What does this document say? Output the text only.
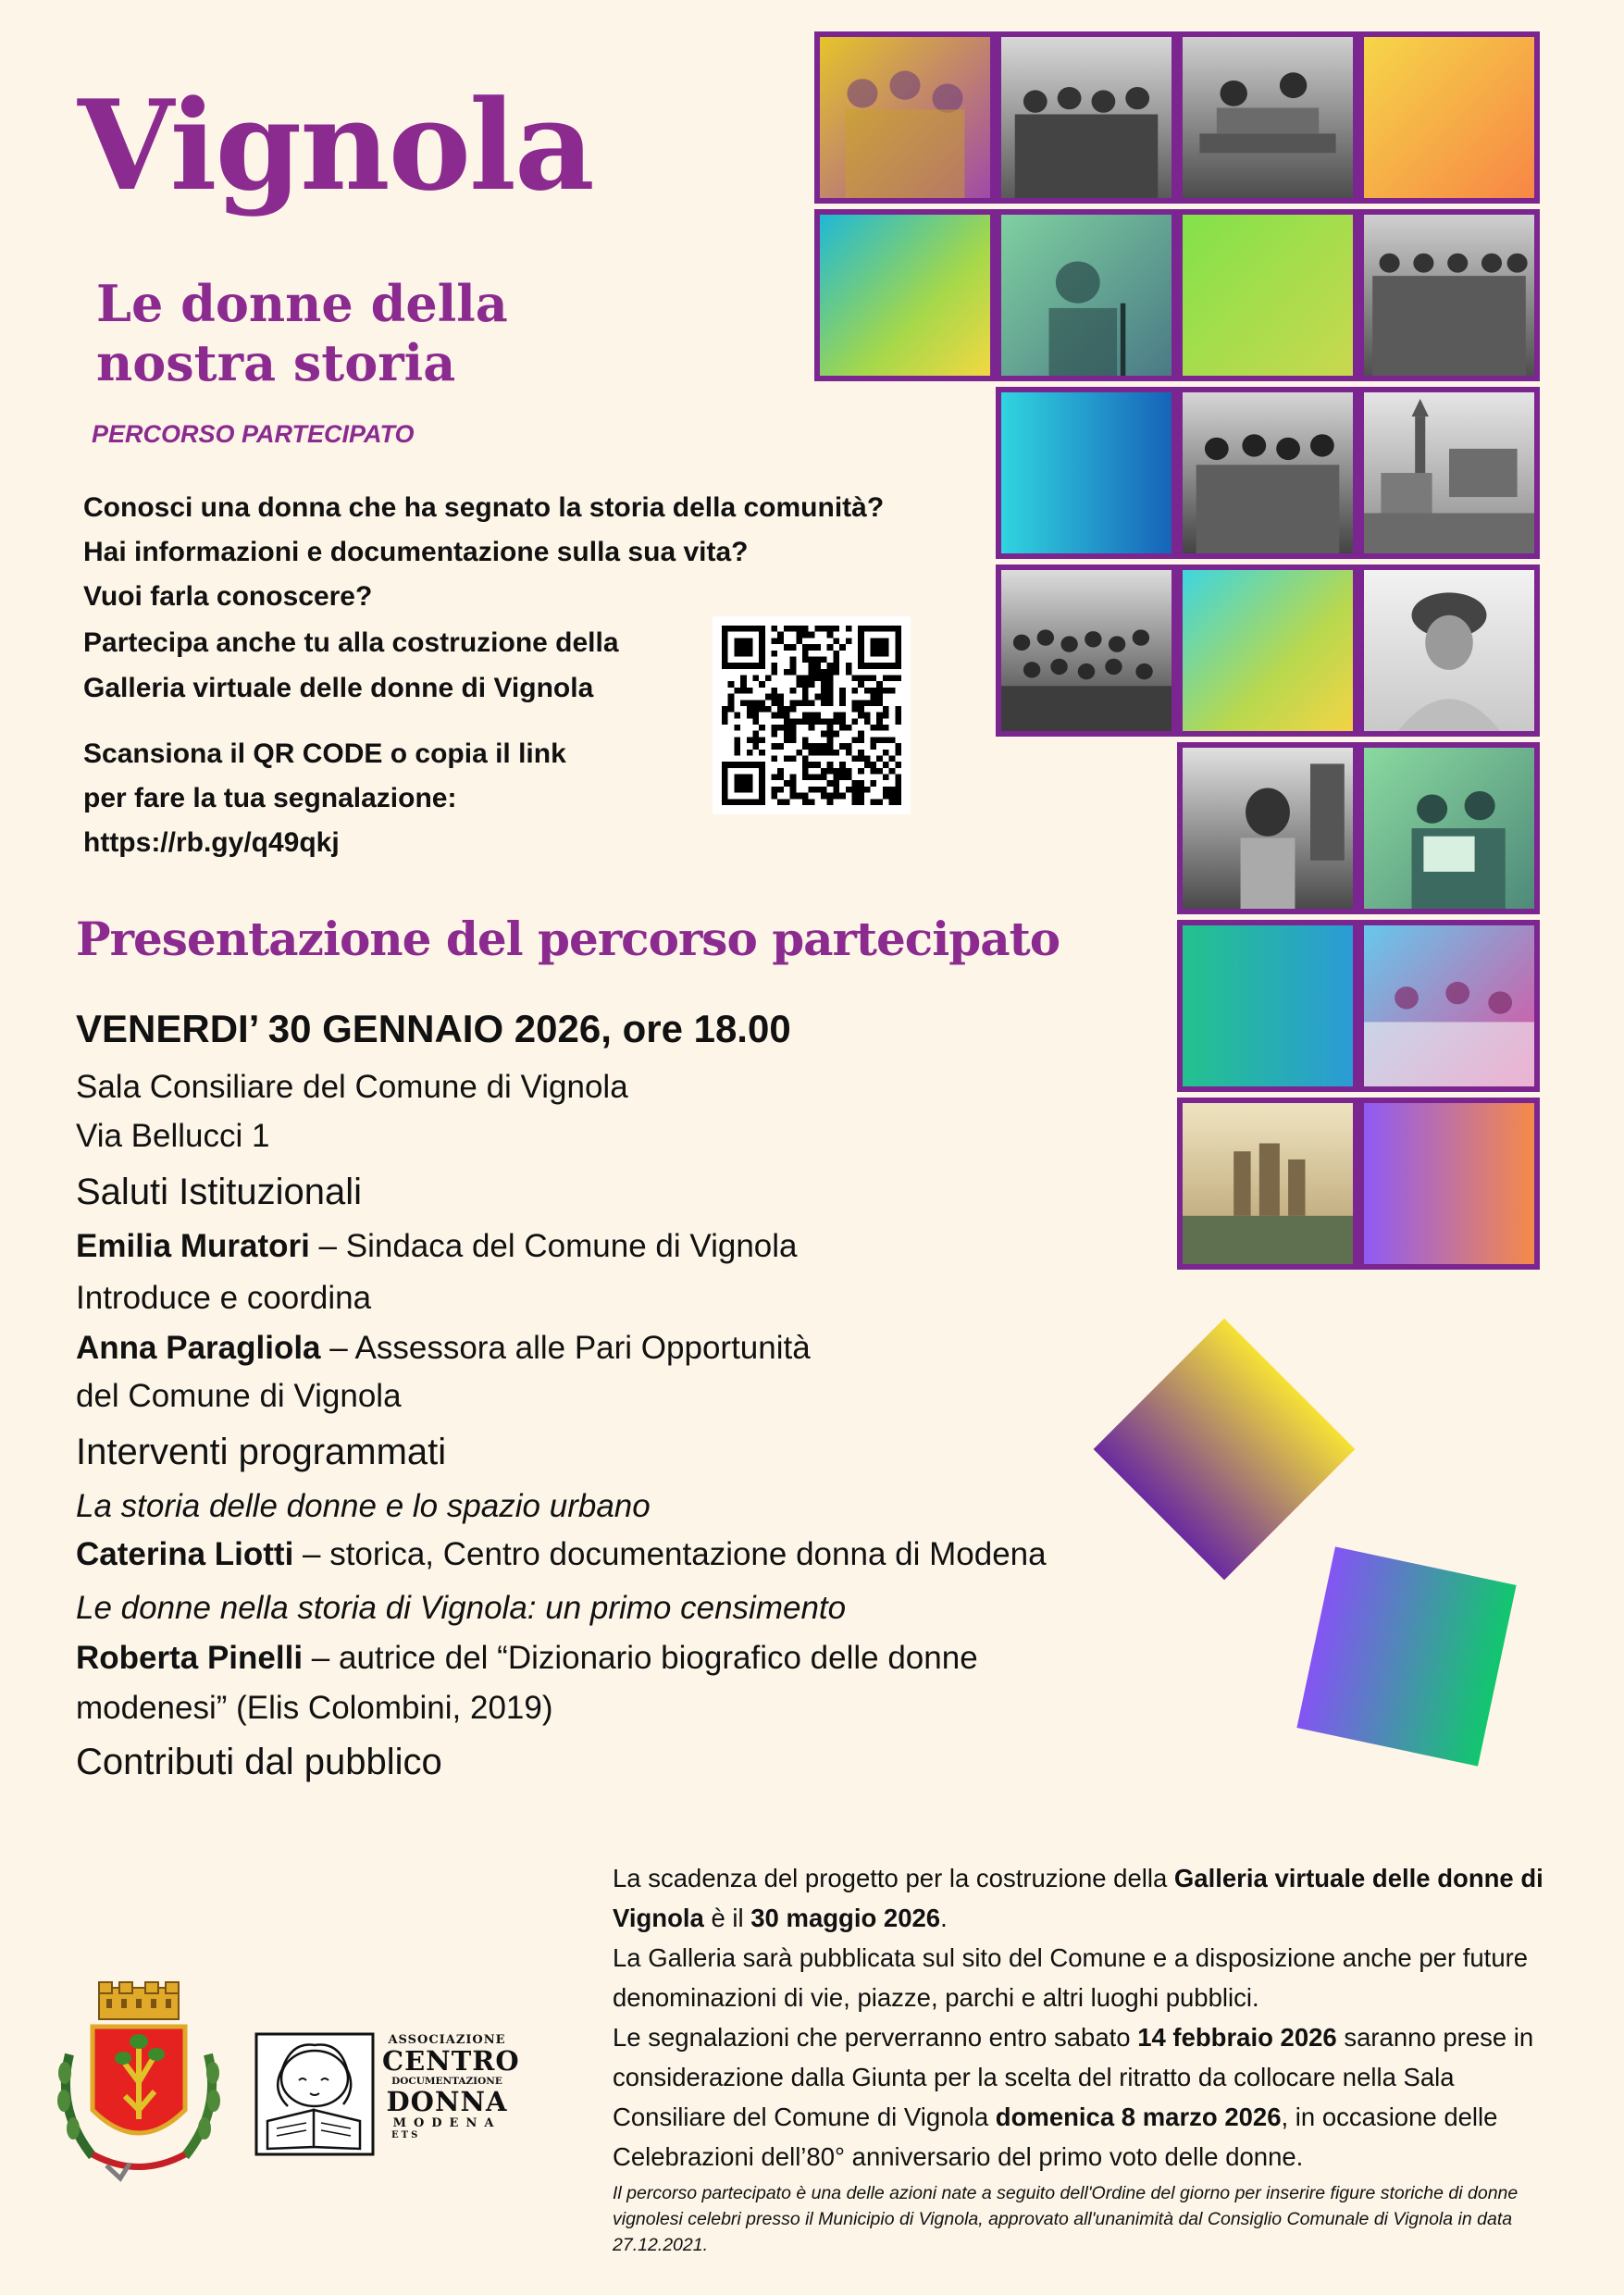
Vignola
Le donne della
nostra storia
PERCORSO PARTECIPATO
Conosci una donna che ha segnato la storia della comunità?
Hai informazioni e documentazione sulla sua vita?
Vuoi farla conoscere?
Partecipa anche tu alla costruzione della
Galleria virtuale delle donne di Vignola
Scansiona il QR CODE o copia il link
per fare la tua segnalazione:
https://rb.gy/q49qkj
Presentazione del percorso partecipato
VENERDI’ 30 GENNAIO 2026, ore 18.00
Sala Consiliare del Comune di Vignola
Via Bellucci 1
Saluti Istituzionali
Emilia Muratori – Sindaca del Comune di Vignola
Introduce e coordina
Anna Paragliola – Assessora alle Pari Opportunità
del Comune di Vignola
Interventi programmati
La storia delle donne e lo spazio urbano
Caterina Liotti – storica, Centro documentazione donna di Modena
Le donne nella storia di Vignola: un primo censimento
Roberta Pinelli – autrice del “Dizionario biografico delle donne
modenesi” (Elis Colombini, 2019)
Contributi dal pubblico

La scadenza del progetto per la costruzione della Galleria virtuale delle donne di Vignola è il 30 maggio 2026.

La Galleria sarà pubblicata sul sito del Comune e a disposizione anche per future denominazioni di vie, piazze, parchi e altri luoghi pubblici.

Le segnalazioni che perverranno entro sabato 14 febbraio 2026 saranno prese in considerazione dalla Giunta per la scelta del ritratto da collocare nella Sala Consiliare del Comune di Vignola domenica 8 marzo 2026, in occasione delle Celebrazioni dell’80° anniversario del primo voto delle donne.

Il percorso partecipato è una delle azioni nate a seguito dell'Ordine del giorno per inserire figure storiche di donne vignolesi celebri presso il Municipio di Vignola, approvato all'unanimità dal Consiglio Comunale di Vignola in data 27.12.2021.
ASSOCIAZIONE
CENTRO
DOCUMENTAZIONE
DONNA
MODENA
ETS
